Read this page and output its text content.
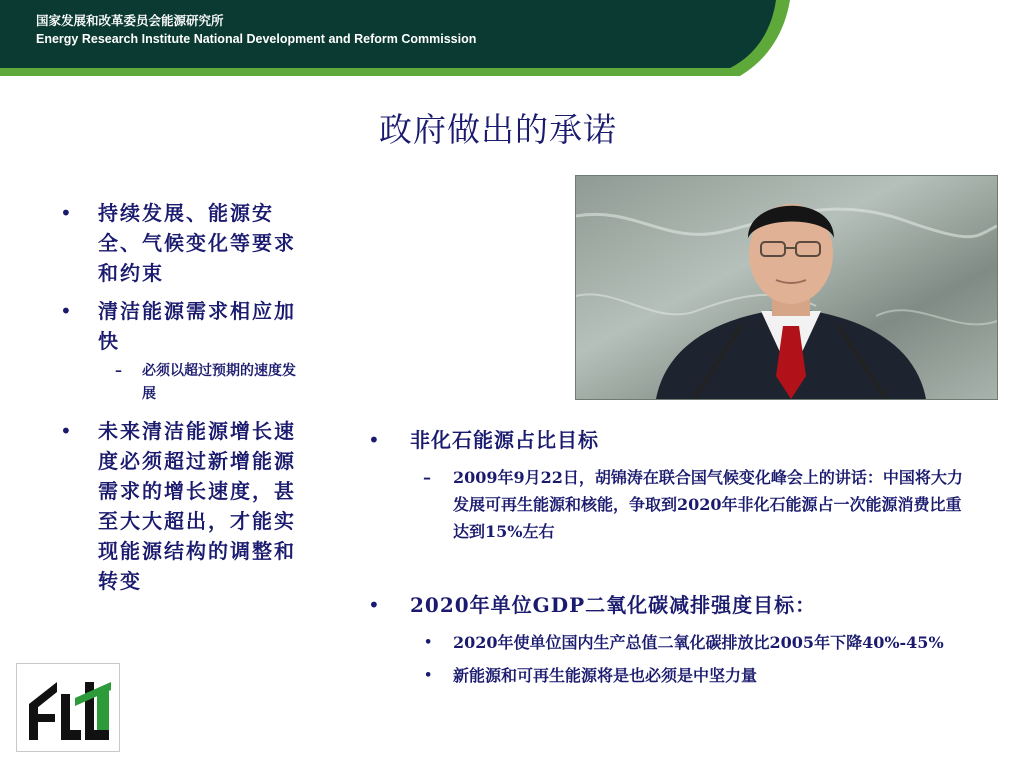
国家发展和改革委员会能源研究所
Energy Research Institute National Development and Reform Commission
政府做出的承诺
• 持续发展、能源安全、气候变化等要求和约束
• 清洁能源需求相应加快
– 必须以超过预期的速度发展
• 未来清洁能源增长速度必须超过新增能源需求的增长速度，甚至大大超出，才能实现能源结构的调整和转变
• 非化石能源占比目标
– 2009年9月22日，胡锦涛在联合国气候变化峰会上的讲话：中国将大力发展可再生能源和核能，争取到2020年非化石能源占一次能源消费比重达到15%左右
• 2020年单位GDP二氧化碳减排强度目标：
• 2020年使单位国内生产总值二氧化碳排放比2005年下降40%-45%
• 新能源和可再生能源将是也必须是中坚力量
